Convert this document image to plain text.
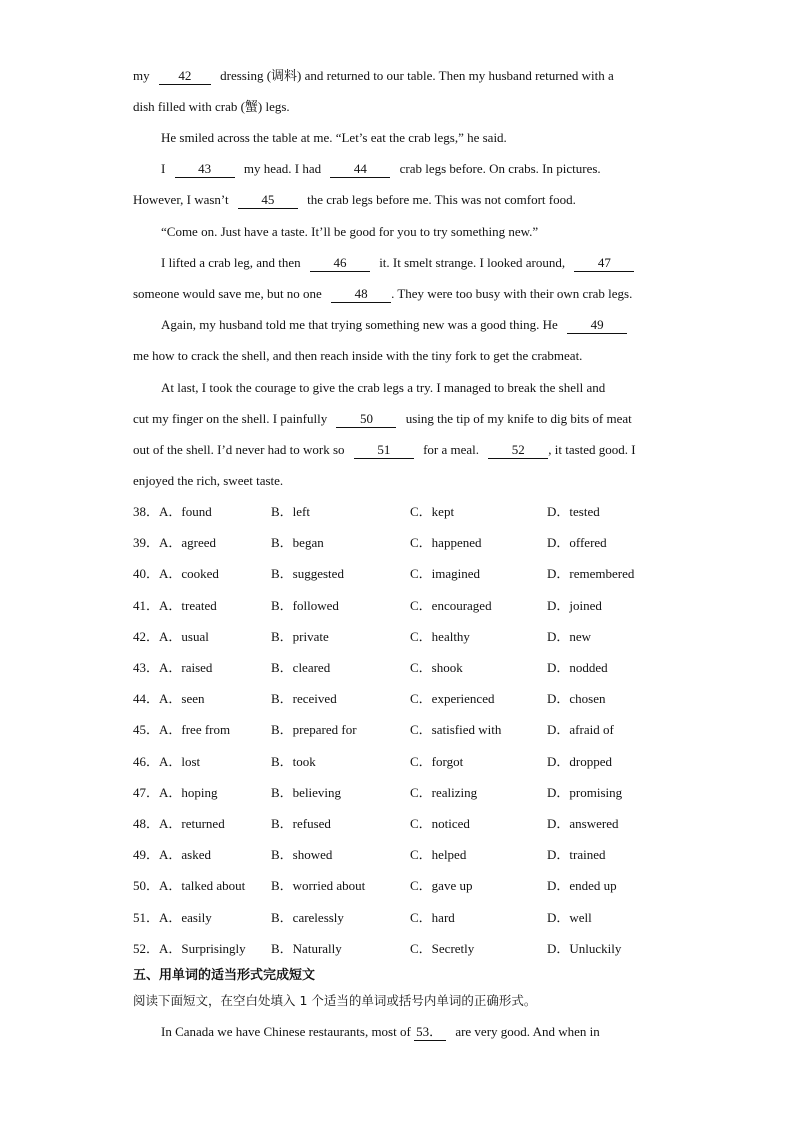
my 42 dressing (调料) and returned to our table. Then my husband returned with a
dish filled with crab (蟹) legs.
He smiled across the table at me. “Let’s eat the crab legs,” he said.
I	43	my head. I had	44	crab legs before. On crabs. In pictures.
However, I wasn’t	45	the crab legs before me. This was not comfort food.
“Come on. Just have a taste. It’ll be good for you to try something new.”
I lifted a crab leg, and then	46	it. It smelt strange. I looked around,	47
someone would save me, but no one	48 . They were too busy with their own crab legs.
Again, my husband told me that trying something new was a good thing. He	49
me how to crack the shell, and then reach inside with the tiny fork to get the crabmeat.
At last, I took the courage to give the crab legs a try. I managed to break the shell and
cut my finger on the shell. I painfully	50	using the tip of my knife to dig bits of meat
out of the shell. I’d never had to work so	51	for a meal.	52 , it tasted good. I
enjoyed the rich, sweet taste.
38．A．found	B．left	C．kept	D．tested
39．A．agreed	B．began	C．happened	D．offered
40．A．cooked	B．suggested	C．imagined	D．remembered
41．A．treated	B．followed	C．encouraged	D．joined
42．A．usual	B．private	C．healthy	D．new
43．A．raised	B．cleared	C．shook	D．nodded
44．A．seen	B．received	C．experienced	D．chosen
45．A．free from	B．prepared for	C．satisfied with	D．afraid of
46．A．lost	B．took	C．forgot	D．dropped
47．A．hoping	B．believing	C．realizing	D．promising
48．A．returned	B．refused	C．noticed	D．answered
49．A．asked	B．showed	C．helped	D．trained
50．A．talked about B．worried about	C．gave up	D．ended up
51．A．easily	B．carelessly	C．hard	D．well
52．A．Surprisingly B．Naturally	C．Secretly	D．Unluckily
五、用单词的适当形式完成短文
阅读下面短文，在空白处填入 1 个适当的单词或括号内单词的正确形式。
In Canada we have Chinese restaurants, most of 53． are very good. And when in
